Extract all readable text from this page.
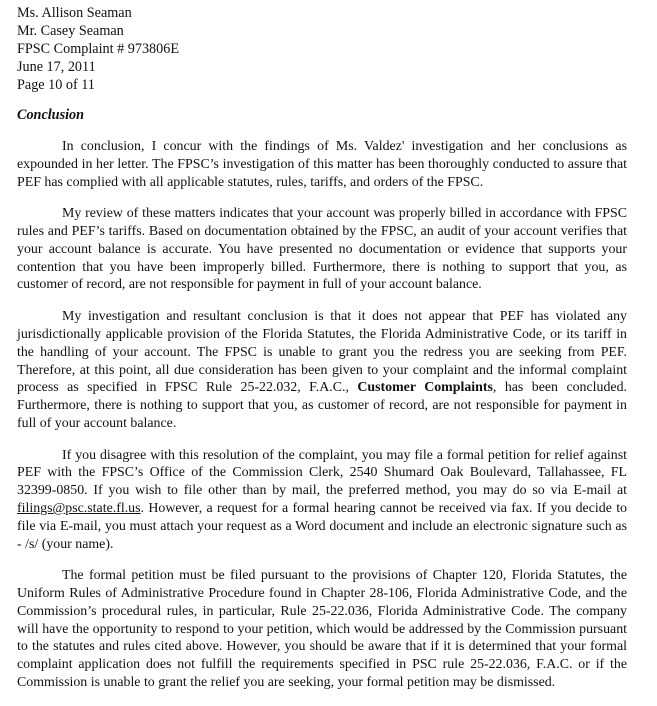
Ms. Allison Seaman
Mr. Casey Seaman
FPSC Complaint # 973806E
June 17, 2011
Page 10 of 11
Conclusion

In conclusion, I concur with the findings of Ms. Valdez' investigation and her conclusions as expounded in her letter. The FPSC’s investigation of this matter has been thoroughly conducted to assure that PEF has complied with all applicable statutes, rules, tariffs, and orders of the FPSC.

My review of these matters indicates that your account was properly billed in accordance with FPSC rules and PEF’s tariffs. Based on documentation obtained by the FPSC, an audit of your account verifies that your account balance is accurate. You have presented no documentation or evidence that supports your contention that you have been improperly billed. Furthermore, there is nothing to support that you, as customer of record, are not responsible for payment in full of your account balance.

My investigation and resultant conclusion is that it does not appear that PEF has violated any jurisdictionally applicable provision of the Florida Statutes, the Florida Administrative Code, or its tariff in the handling of your account. The FPSC is unable to grant you the redress you are seeking from PEF. Therefore, at this point, all due consideration has been given to your complaint and the informal complaint process as specified in FPSC Rule 25-22.032, F.A.C., Customer Complaints, has been concluded. Furthermore, there is nothing to support that you, as customer of record, are not responsible for payment in full of your account balance.

If you disagree with this resolution of the complaint, you may file a formal petition for relief against PEF with the FPSC’s Office of the Commission Clerk, 2540 Shumard Oak Boulevard, Tallahassee, FL 32399-0850. If you wish to file other than by mail, the preferred method, you may do so via E-mail at filings@psc.state.fl.us. However, a request for a formal hearing cannot be received via fax. If you decide to file via E-mail, you must attach your request as a Word document and include an electronic signature such as - /s/ (your name).

The formal petition must be filed pursuant to the provisions of Chapter 120, Florida Statutes, the Uniform Rules of Administrative Procedure found in Chapter 28-106, Florida Administrative Code, and the Commission’s procedural rules, in particular, Rule 25-22.036, Florida Administrative Code. The company will have the opportunity to respond to your petition, which would be addressed by the Commission pursuant to the statutes and rules cited above. However, you should be aware that if it is determined that your formal complaint application does not fulfill the requirements specified in PSC rule 25-22.036, F.A.C. or if the Commission is unable to grant the relief you are seeking, your formal petition may be dismissed.
